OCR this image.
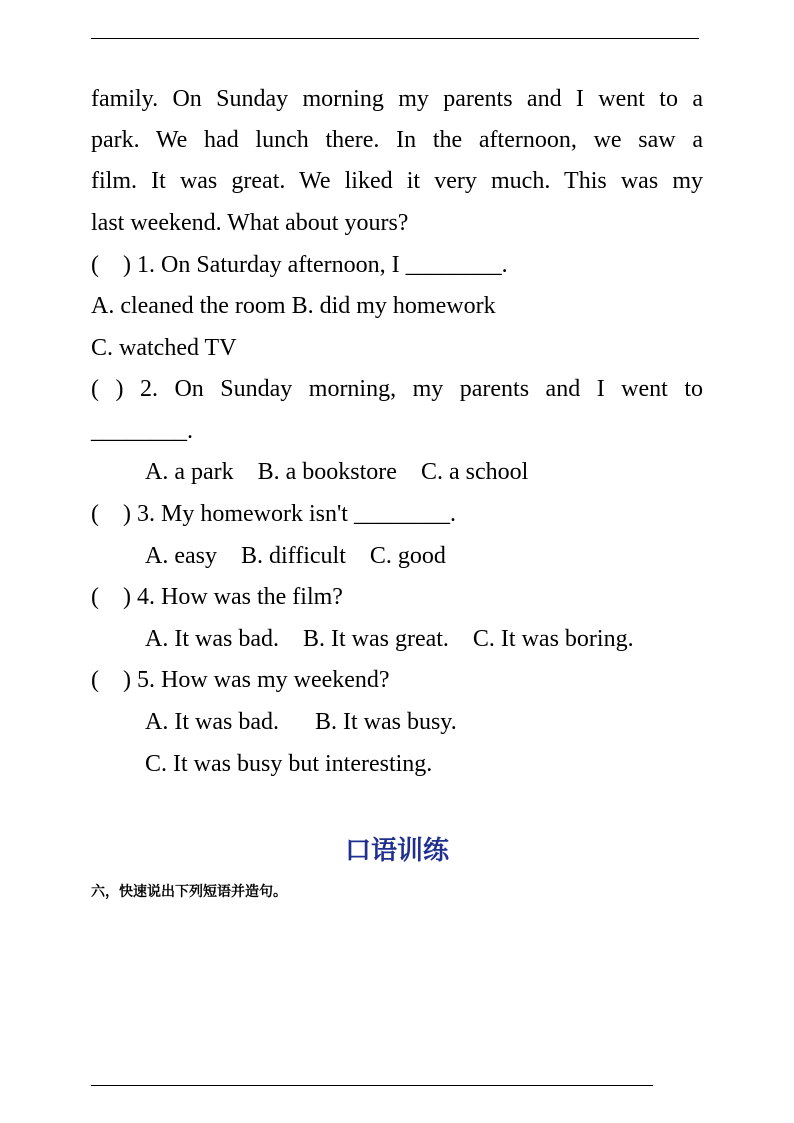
family. On Sunday morning my parents and I went to a
park. We had lunch there. In the afternoon, we saw a
film. It was great. We liked it very much. This was my
last weekend. What about yours?
(    ) 1. On Saturday afternoon, I ________.
A. cleaned the room B. did my homework
C. watched TV
( ) 2. On Sunday morning, my parents and I went to
________.
A. a park    B. a bookstore    C. a school
(    ) 3. My homework isn't ________.
A. easy    B. difficult    C. good
(    ) 4. How was the film?
A. It was bad.    B. It was great.    C. It was boring.
(    ) 5. How was my weekend?
A. It was bad.      B. It was busy.
C. It was busy but interesting.
口语训练
六，快速说出下列短语并造句。
